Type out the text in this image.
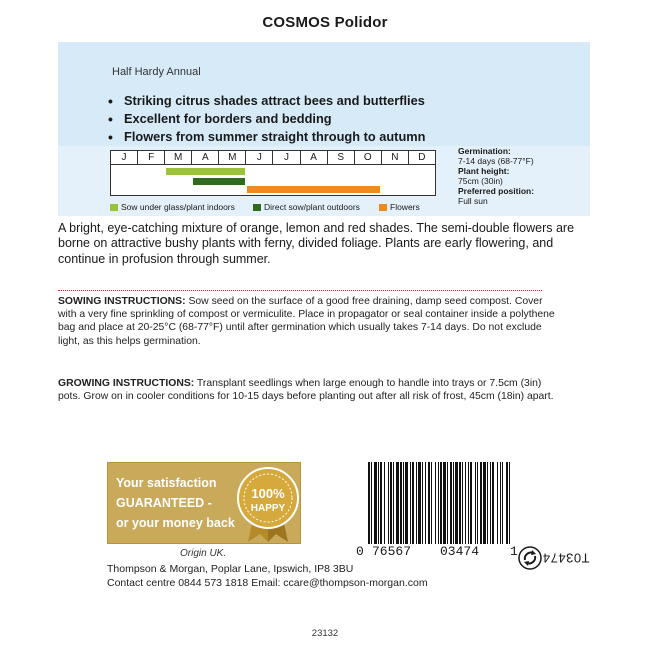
COSMOS Polidor
Half Hardy Annual
• Striking citrus shades attract bees and butterflies
• Excellent for borders and bedding
• Flowers from summer straight through to autumn
J	F	M	A	M	J	J	A	S	O	N	D
Sow under glass/plant indoors	Direct sow/plant outdoors	Flowers
Germination:
7-14 days (68-77°F)
Plant height:
75cm (30in)
Preferred position:
Full sun

A bright, eye-catching mixture of orange, lemon and red shades. The semi-double flowers are borne on attractive bushy plants with ferny, divided foliage. Plants are early flowering, and continue in profusion through summer.

SOWING INSTRUCTIONS: Sow seed on the surface of a good free draining, damp seed compost. Cover with a very fine sprinkling of compost or vermiculite. Place in propagator or seal container inside a polythene bag and place at 20-25°C (68-77°F) until after germination which usually takes 7-14 days. Do not exclude light, as this helps germination.

GROWING INSTRUCTIONS: Transplant seedlings when large enough to handle into trays or 7.5cm (3in) pots. Grow on in cooler conditions for 10-15 days before planting out after all risk of frost, 45cm (18in) apart.

Your satisfaction
GUARANTEED -
or your money back
100%
HAPPY
Origin UK.
Thompson & Morgan, Poplar Lane, Ipswich, IP8 3BU
Contact centre 0844 573 1818 Email: ccare@thompson-morgan.com
0 76567 03474 1 T03474
23132
